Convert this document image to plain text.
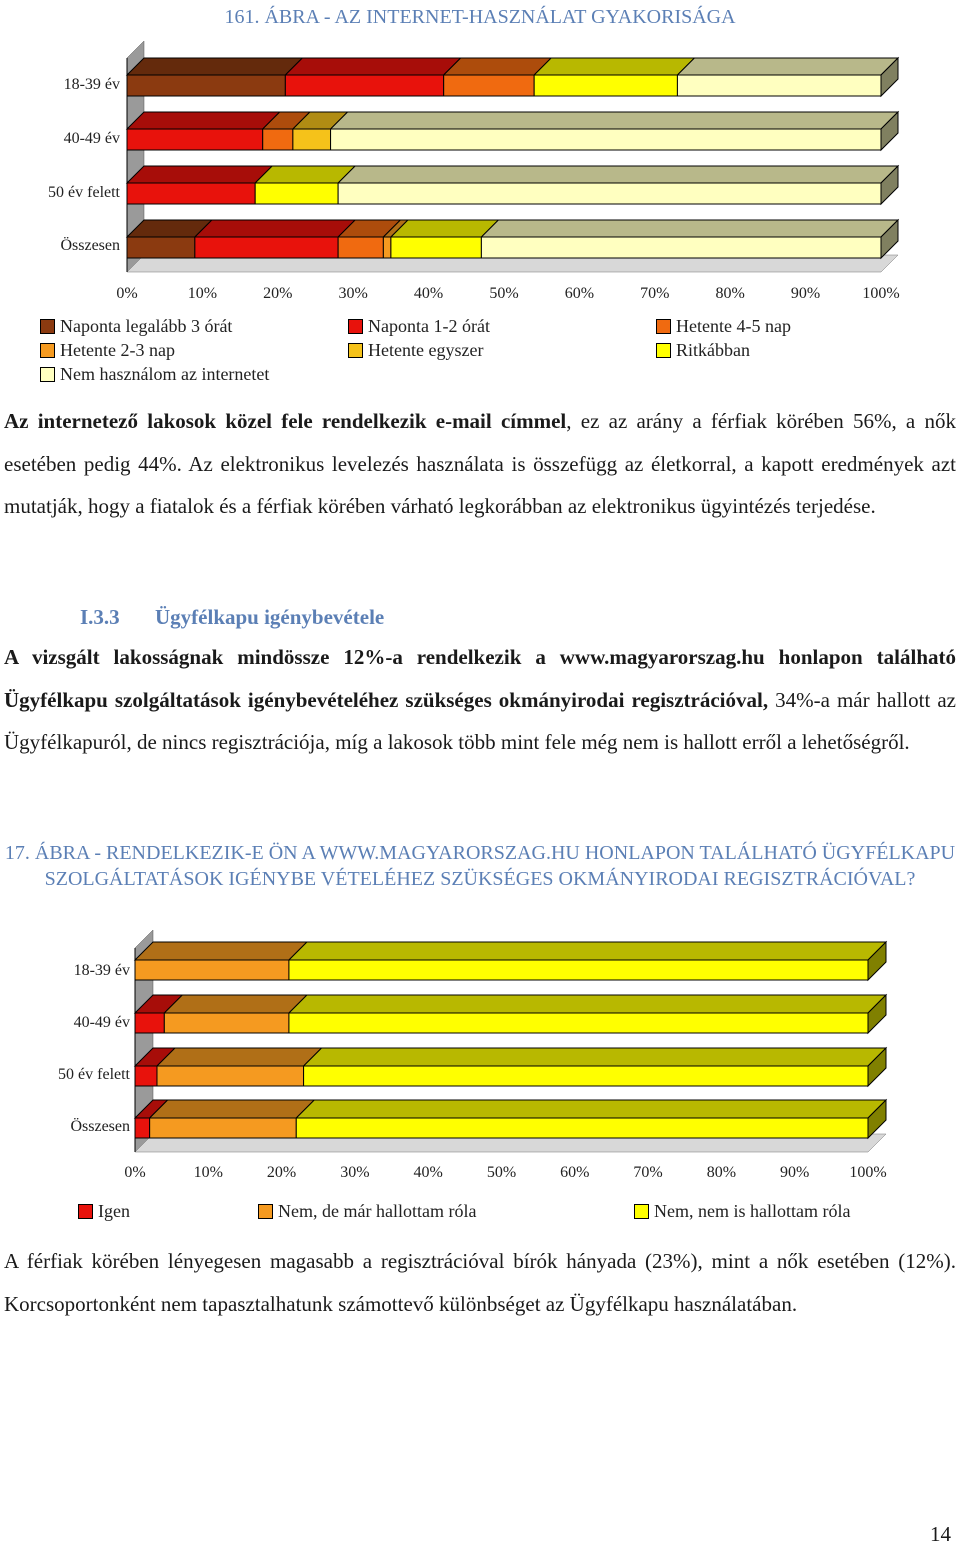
161. ÁBRA - AZ INTERNET-HASZNÁLAT GYAKORISÁGA
18-39 év
40-49 év
50 év felett
Összesen
0%	10%	20%	30%	40%	50%	60%	70%	80%	90%	100%
Naponta legalább 3 órát	Naponta 1-2 órát	Hetente 4-5 nap
Hetente 2-3 nap	Hetente egyszer	Ritkábban
Nem használom az internetet
Az internetező lakosok közel fele rendelkezik e-mail címmel, ez az arány a férfiak körében 56%, a nők esetében pedig 44%. Az elektronikus levelezés használata is összefügg az életkorral, a kapott eredmények azt mutatják, hogy a fiatalok és a férfiak körében várható legkorábban az elektronikus ügyintézés terjedése.
I.3.3 Ügyfélkapu igénybevétele
A vizsgált lakosságnak mindössze 12%-a rendelkezik a www.magyarorszag.hu honlapon található Ügyfélkapu szolgáltatások igénybevételéhez szükséges okmányirodai regisztrációval, 34%-a már hallott az Ügyfélkapuról, de nincs regisztrációja, míg a lakosok több mint fele még nem is hallott erről a lehetőségről.
17. ÁBRA - RENDELKEZIK-E ÖN A WWW.MAGYARORSZAG.HU HONLAPON TALÁLHATÓ ÜGYFÉLKAPU SZOLGÁLTATÁSOK IGÉNYBE VÉTELÉHEZ SZÜKSÉGES OKMÁNYIRODAI REGISZTRÁCIÓVAL?
18-39 év
40-49 év
50 év felett
Összesen
0%	10%	20%	30%	40%	50%	60%	70%	80%	90%	100%
Igen	Nem, de már hallottam róla	Nem, nem is hallottam róla
A férfiak körében lényegesen magasabb a regisztrációval bírók hányada (23%), mint a nők esetében (12%). Korcsoportonként nem tapasztalhatunk számottevő különbséget az Ügyfélkapu használatában.
14
